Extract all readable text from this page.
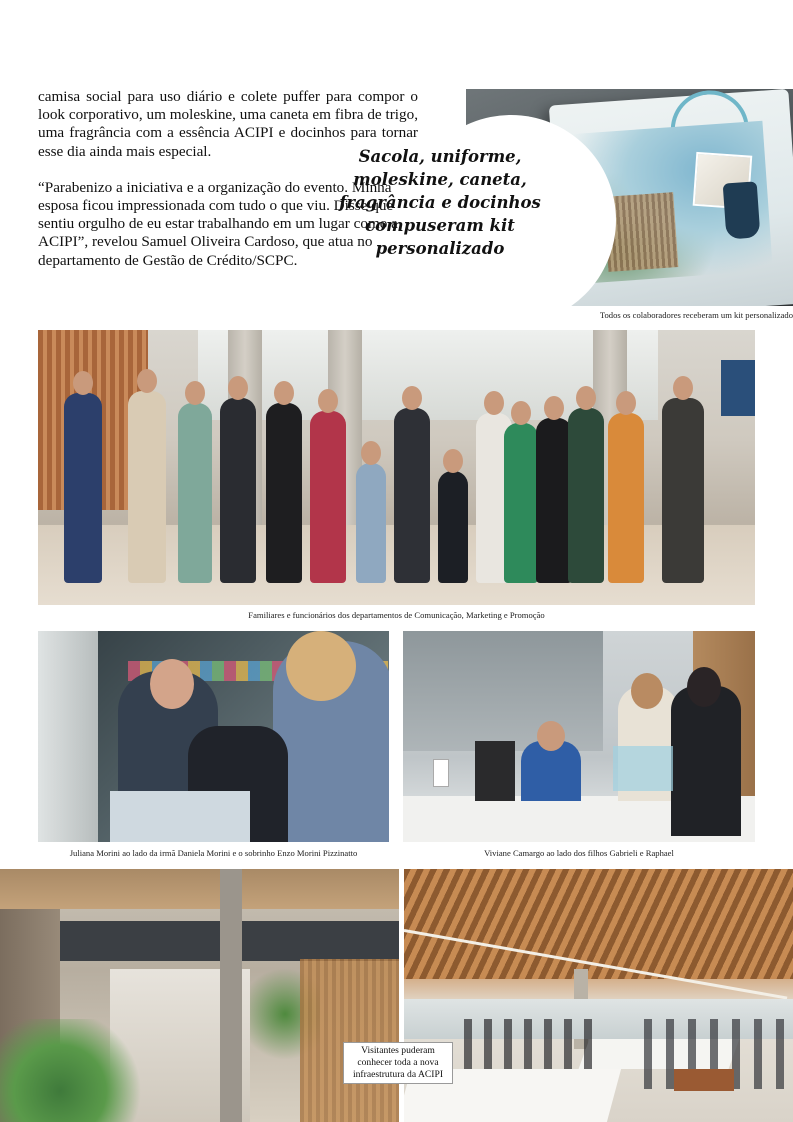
camisa social para uso diário e colete puffer para compor o look corporativo, um moleskine, uma caneta em fibra de trigo, uma fragrância com a essência ACIPI e docinhos para tornar esse dia ainda mais especial.

“Parabenizo a iniciativa e a organização do evento. Minha esposa ficou impressionada com tudo o que viu. Disse que sentiu orgulho de eu estar trabalhando em um lugar como a ACIPI”, revelou Samuel Oliveira Cardoso, que atua no departamento de Gestão de Crédito/SCPC.

Sacola, uniforme, moleskine, caneta, fragrância e docinhos compuseram kit personalizado
Todos os colaboradores receberam um kit personalizado
Familiares e funcionários dos departamentos de Comunicação, Marketing e Promoção
Juliana Morini ao lado da irmã Daniela Morini e o sobrinho Enzo Morini Pizzinatto	Viviane Camargo ao lado dos filhos Gabrieli e Raphael
Visitantes puderam conhecer toda a nova infraestrutura da ACIPI
